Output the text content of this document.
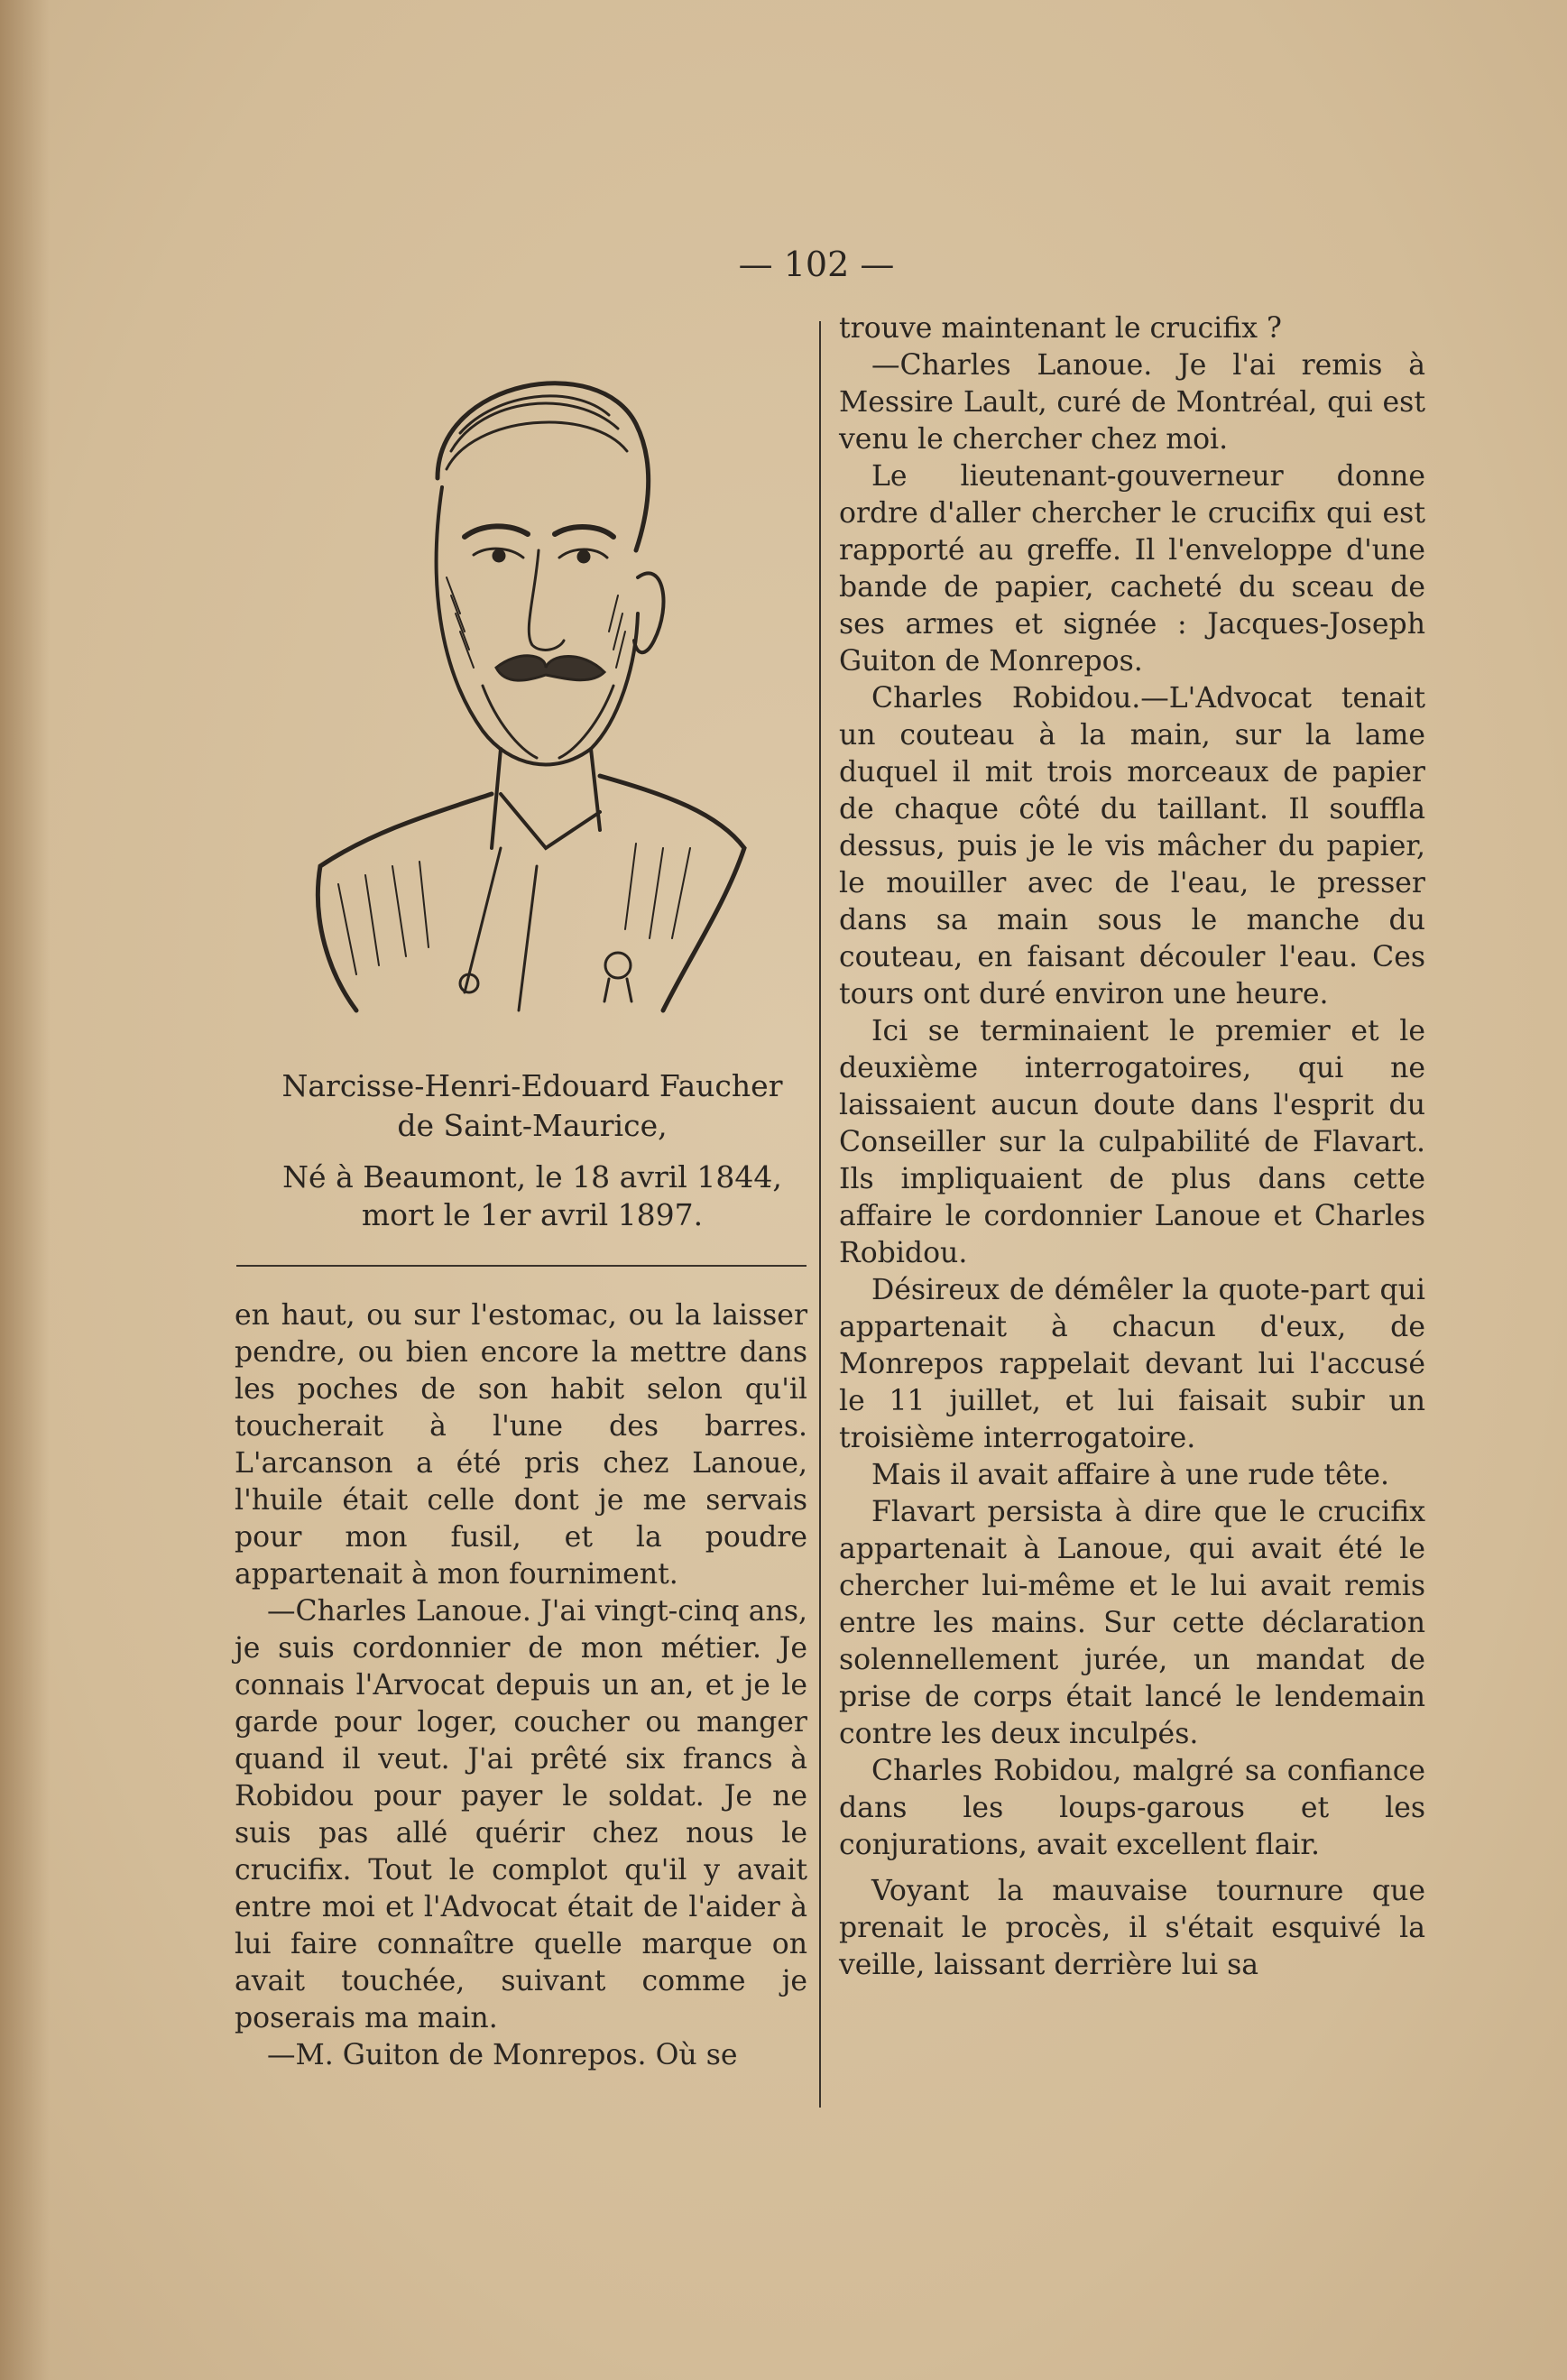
— 102 —
Narcisse-Henri-Edouard Faucher
de Saint-Maurice,
Né à Beaumont, le 18 avril 1844,
mort le 1er avril 1897.

en haut, ou sur l'estomac, ou la laisser pendre, ou bien encore la mettre dans les poches de son habit selon qu'il toucherait à l'une des barres. L'arcanson a été pris chez Lanoue, l'huile était celle dont je me servais pour mon fusil, et la poudre appartenait à mon fourniment.

—Charles Lanoue. J'ai vingt-cinq ans, je suis cordonnier de mon métier. Je connais l'Arvocat depuis un an, et je le garde pour loger, coucher ou manger quand il veut. J'ai prêté six francs à Robidou pour payer le soldat. Je ne suis pas allé quérir chez nous le crucifix. Tout le complot qu'il y avait entre moi et l'Advocat était de l'aider à lui faire connaître quelle marque on avait touchée, suivant comme je poserais ma main.

—M. Guiton de Monrepos. Où se

trouve maintenant le crucifix ?

—Charles Lanoue. Je l'ai remis à Messire Lault, curé de Montréal, qui est venu le chercher chez moi.

Le lieutenant-gouverneur donne ordre d'aller chercher le crucifix qui est rapporté au greffe. Il l'enveloppe d'une bande de papier, cacheté du sceau de ses armes et signée : Jacques-Joseph Guiton de Monrepos.

Charles Robidou.—L'Advocat tenait un couteau à la main, sur la lame duquel il mit trois morceaux de papier de chaque côté du taillant. Il souffla dessus, puis je le vis mâcher du papier, le mouiller avec de l'eau, le presser dans sa main sous le manche du couteau, en faisant découler l'eau. Ces tours ont duré environ une heure.

Ici se terminaient le premier et le deuxième interrogatoires, qui ne laissaient aucun doute dans l'esprit du Conseiller sur la culpabilité de Flavart. Ils impliquaient de plus dans cette affaire le cordonnier Lanoue et Charles Robidou.

Désireux de démêler la quote-part qui appartenait à chacun d'eux, de Monrepos rappelait devant lui l'accusé le 11 juillet, et lui faisait subir un troisième interrogatoire.

Mais il avait affaire à une rude tête.

Flavart persista à dire que le crucifix appartenait à Lanoue, qui avait été le chercher lui-même et le lui avait remis entre les mains. Sur cette déclaration solennellement jurée, un mandat de prise de corps était lancé le lendemain contre les deux inculpés.

Charles Robidou, malgré sa confiance dans les loups-garous et les conjurations, avait excellent flair.

Voyant la mauvaise tournure que prenait le procès, il s'était esquivé la veille, laissant derrière lui sa
